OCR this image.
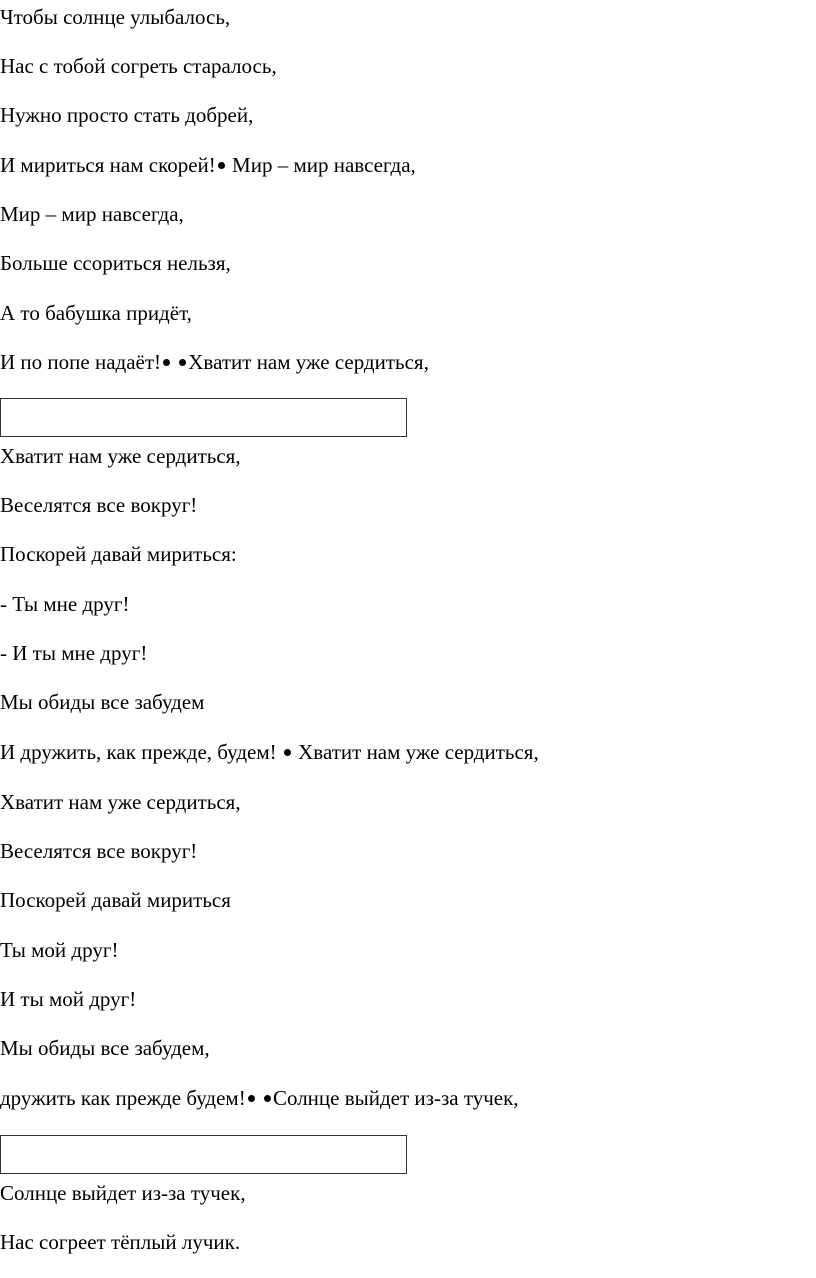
Чтобы солнце улыбалось,
Нас с тобой согреть старалось,
Нужно просто стать добрей,
И мириться нам скорей! Мир – мир навсегда,
Мир – мир навсегда,
Больше ссориться нельзя,
А то бабушка придёт,
И по попе надаёт! Хватит нам уже сердиться,
Хватит нам уже сердиться,
Веселятся все вокруг!
Поскорей давай мириться:
- Ты мне друг!
- И ты мне друг!
Мы обиды все забудем
И дружить, как прежде, будем! Хватит нам уже сердиться,
Хватит нам уже сердиться,
Веселятся все вокруг!
Поскорей давай мириться
Ты мой друг!
И ты мой друг!
Мы обиды все забудем,
дружить как прежде будем! Солнце выйдет из-за тучек,
Солнце выйдет из-за тучек,
Нас согреет тёплый лучик.
